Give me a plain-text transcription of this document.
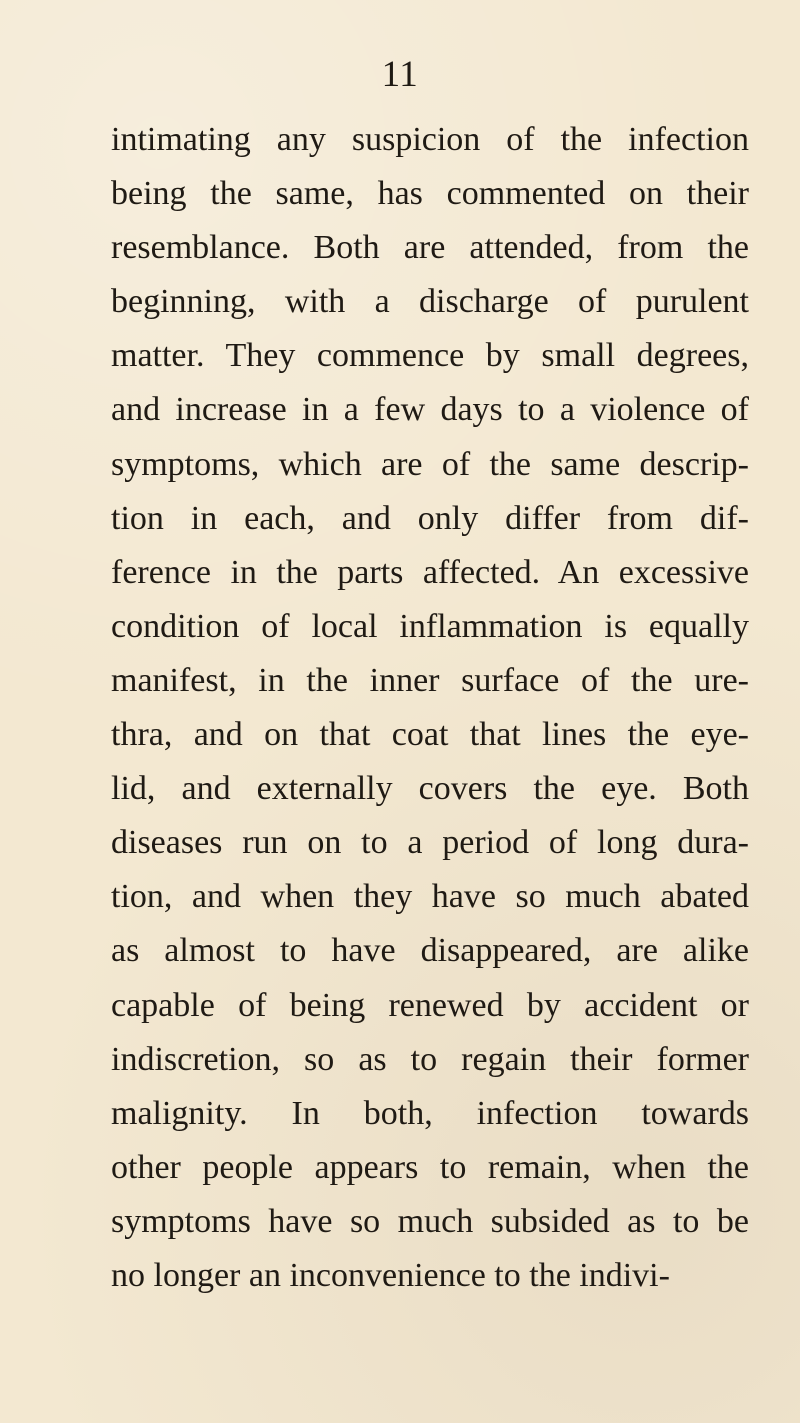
11
intimating any suspicion of the infection
being the same, has commented on their
resemblance. Both are attended, from the
beginning, with a discharge of purulent
matter. They commence by small degrees,
and increase in a few days to a violence of
symptoms, which are of the same descrip-
tion in each, and only differ from dif-
ference in the parts affected. An excessive
condition of local inflammation is equally
manifest, in the inner surface of the ure-
thra, and on that coat that lines the eye-
lid, and externally covers the eye. Both
diseases run on to a period of long dura-
tion, and when they have so much abated
as almost to have disappeared, are alike
capable of being renewed by accident or
indiscretion, so as to regain their former
malignity. In both, infection towards
other people appears to remain, when the
symptoms have so much subsided as to be
no longer an inconvenience to the indivi-
